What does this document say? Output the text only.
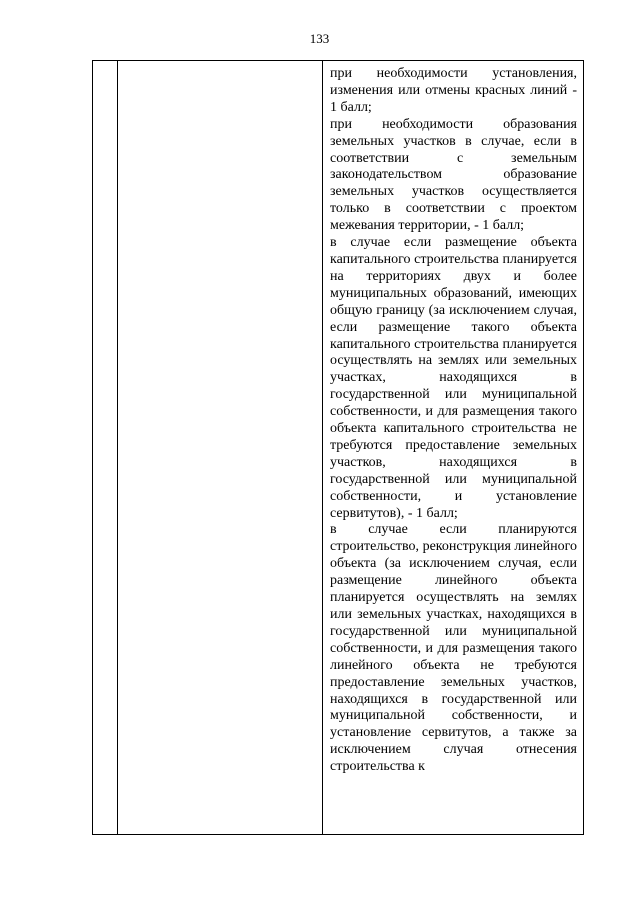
133

при необходимости установления, изменения или отмены красных линий - 1 балл;

при необходимости образования земельных участков в случае, если в соответствии с земельным законодательством образование земельных участков осуществляется только в соответствии с проектом межевания территории, - 1 балл;

в случае если размещение объекта капитального строительства планируется на территориях двух и более муниципальных образований, имеющих общую границу (за исключением случая, если размещение такого объекта капитального строительства планируется осуществлять на землях или земельных участках, находящихся в государственной или муниципальной собственности, и для размещения такого объекта капитального строительства не требуются предоставление земельных участков, находящихся в государственной или муниципальной собственности, и установление сервитутов), - 1 балл;

в случае если планируются строительство, реконструкция линейного объекта (за исключением случая, если размещение линейного объекта планируется осуществлять на землях или земельных участках, находящихся в государственной или муниципальной собственности, и для размещения такого линейного объекта не требуются предоставление земельных участков, находящихся в государственной или муниципальной собственности, и установление сервитутов, а также за исключением случая отнесения строительства к
